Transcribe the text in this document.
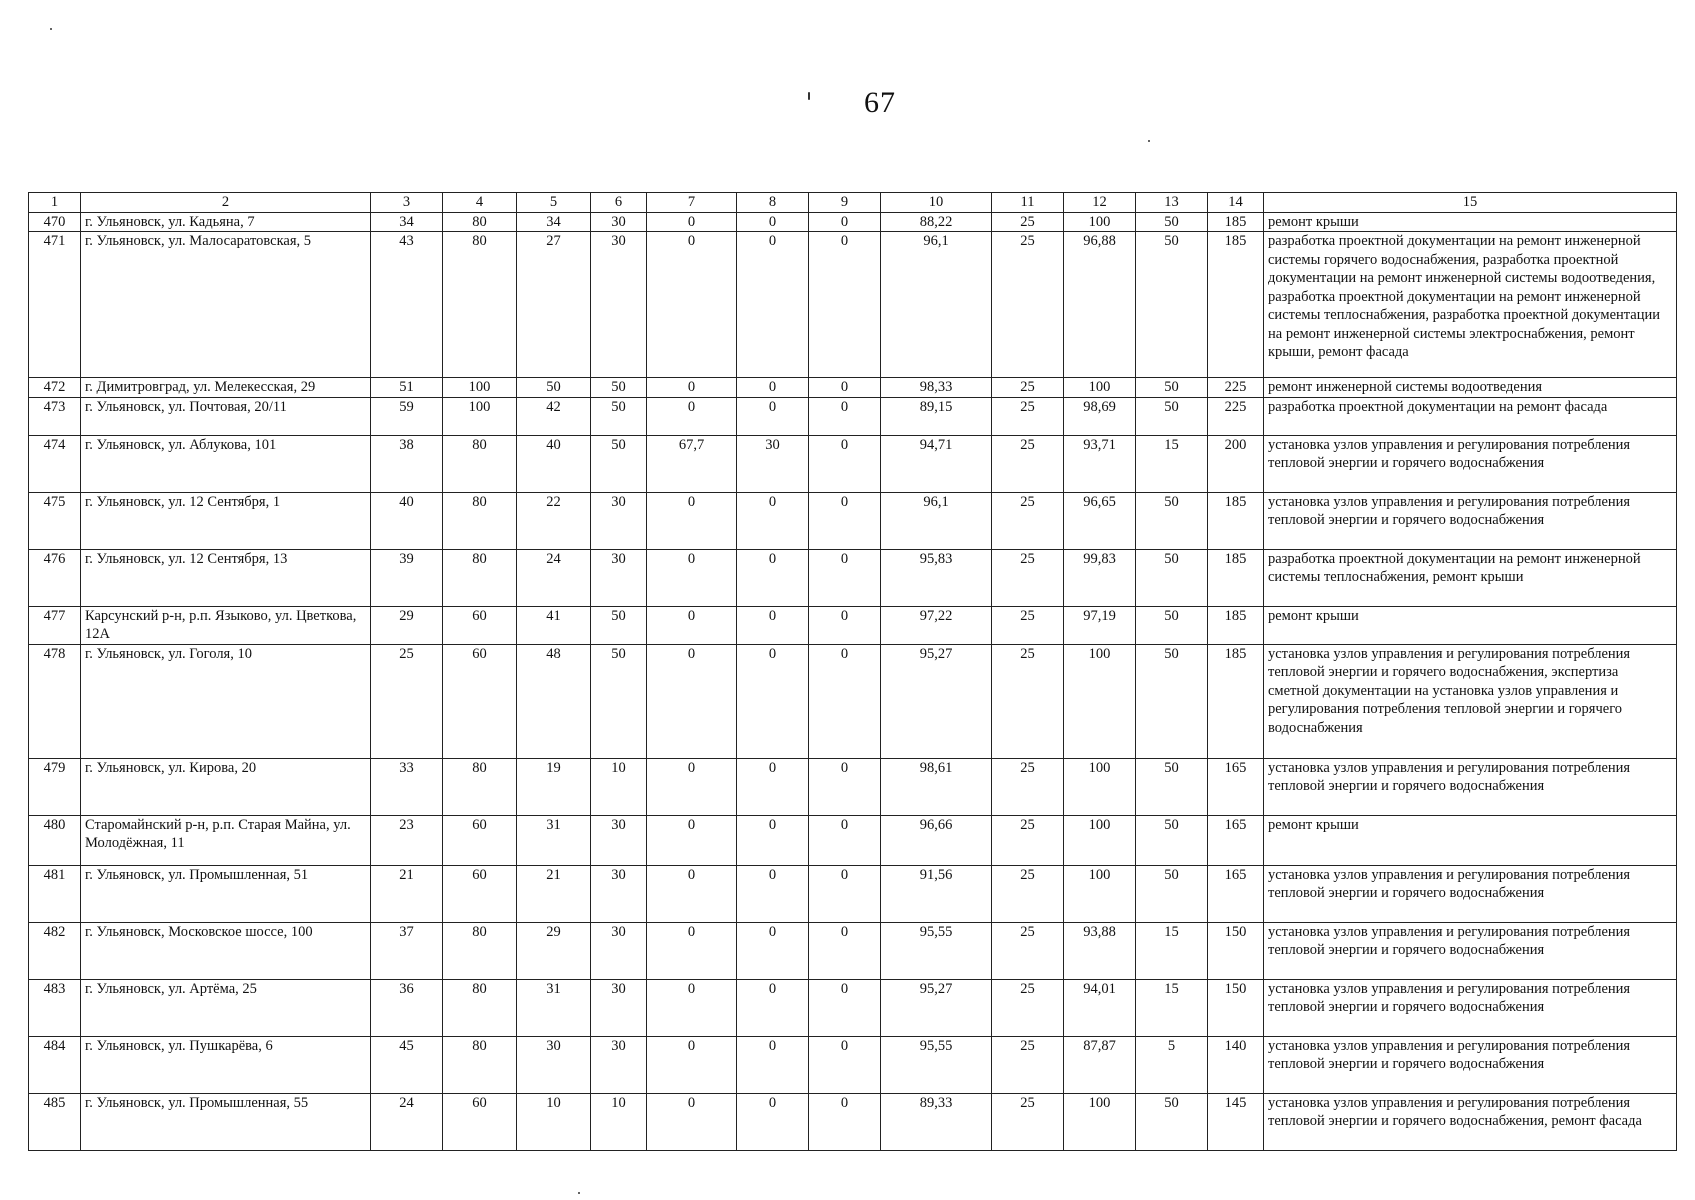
67
1	2	3	4	5	6	7	8	9	10	11	12	13	14	15
470	г. Ульяновск, ул. Кадьяна, 7	34	80	34	30	0	0	0	88,22	25	100	50	185	ремонт крыши
471	г. Ульяновск, ул. Малосаратовская, 5	43	80	27	30	0	0	0	96,1	25	96,88	50	185	разработка проектной документации на ремонт инженерной системы горячего водоснабжения, разработка проектной документации на ремонт инженерной системы водоотведения, разработка проектной документации на ремонт инженерной системы теплоснабжения, разработка проектной документации на ремонт инженерной системы электроснабжения, ремонт крыши, ремонт фасада
472	г. Димитровград, ул. Мелекесская, 29	51	100	50	50	0	0	0	98,33	25	100	50	225	ремонт инженерной системы водоотведения
473	г. Ульяновск, ул. Почтовая, 20/11	59	100	42	50	0	0	0	89,15	25	98,69	50	225	разработка проектной документации на ремонт фасада
474	г. Ульяновск, ул. Аблукова, 101	38	80	40	50	67,7	30	0	94,71	25	93,71	15	200	установка узлов управления и регулирования потребления тепловой энергии и горячего водоснабжения
475	г. Ульяновск, ул. 12 Сентября, 1	40	80	22	30	0	0	0	96,1	25	96,65	50	185	установка узлов управления и регулирования потребления тепловой энергии и горячего водоснабжения
476	г. Ульяновск, ул. 12 Сентября, 13	39	80	24	30	0	0	0	95,83	25	99,83	50	185	разработка проектной документации на ремонт инженерной системы теплоснабжения, ремонт крыши
477	Карсунский р-н, р.п. Языково, ул. Цветкова, 12А	29	60	41	50	0	0	0	97,22	25	97,19	50	185	ремонт крыши
478	г. Ульяновск, ул. Гоголя, 10	25	60	48	50	0	0	0	95,27	25	100	50	185	установка узлов управления и регулирования потребления тепловой энергии и горячего водоснабжения, экспертиза сметной документации на установка узлов управления и регулирования потребления тепловой энергии и горячего водоснабжения
479	г. Ульяновск, ул. Кирова, 20	33	80	19	10	0	0	0	98,61	25	100	50	165	установка узлов управления и регулирования потребления тепловой энергии и горячего водоснабжения
480	Старомайнский р-н, р.п. Старая Майна, ул. Молодёжная, 11	23	60	31	30	0	0	0	96,66	25	100	50	165	ремонт крыши
481	г. Ульяновск, ул. Промышленная, 51	21	60	21	30	0	0	0	91,56	25	100	50	165	установка узлов управления и регулирования потребления тепловой энергии и горячего водоснабжения
482	г. Ульяновск, Московское шоссе, 100	37	80	29	30	0	0	0	95,55	25	93,88	15	150	установка узлов управления и регулирования потребления тепловой энергии и горячего водоснабжения
483	г. Ульяновск, ул. Артёма, 25	36	80	31	30	0	0	0	95,27	25	94,01	15	150	установка узлов управления и регулирования потребления тепловой энергии и горячего водоснабжения
484	г. Ульяновск, ул. Пушкарёва, 6	45	80	30	30	0	0	0	95,55	25	87,87	5	140	установка узлов управления и регулирования потребления тепловой энергии и горячего водоснабжения
485	г. Ульяновск, ул. Промышленная, 55	24	60	10	10	0	0	0	89,33	25	100	50	145	установка узлов управления и регулирования потребления тепловой энергии и горячего водоснабжения, ремонт фасада
